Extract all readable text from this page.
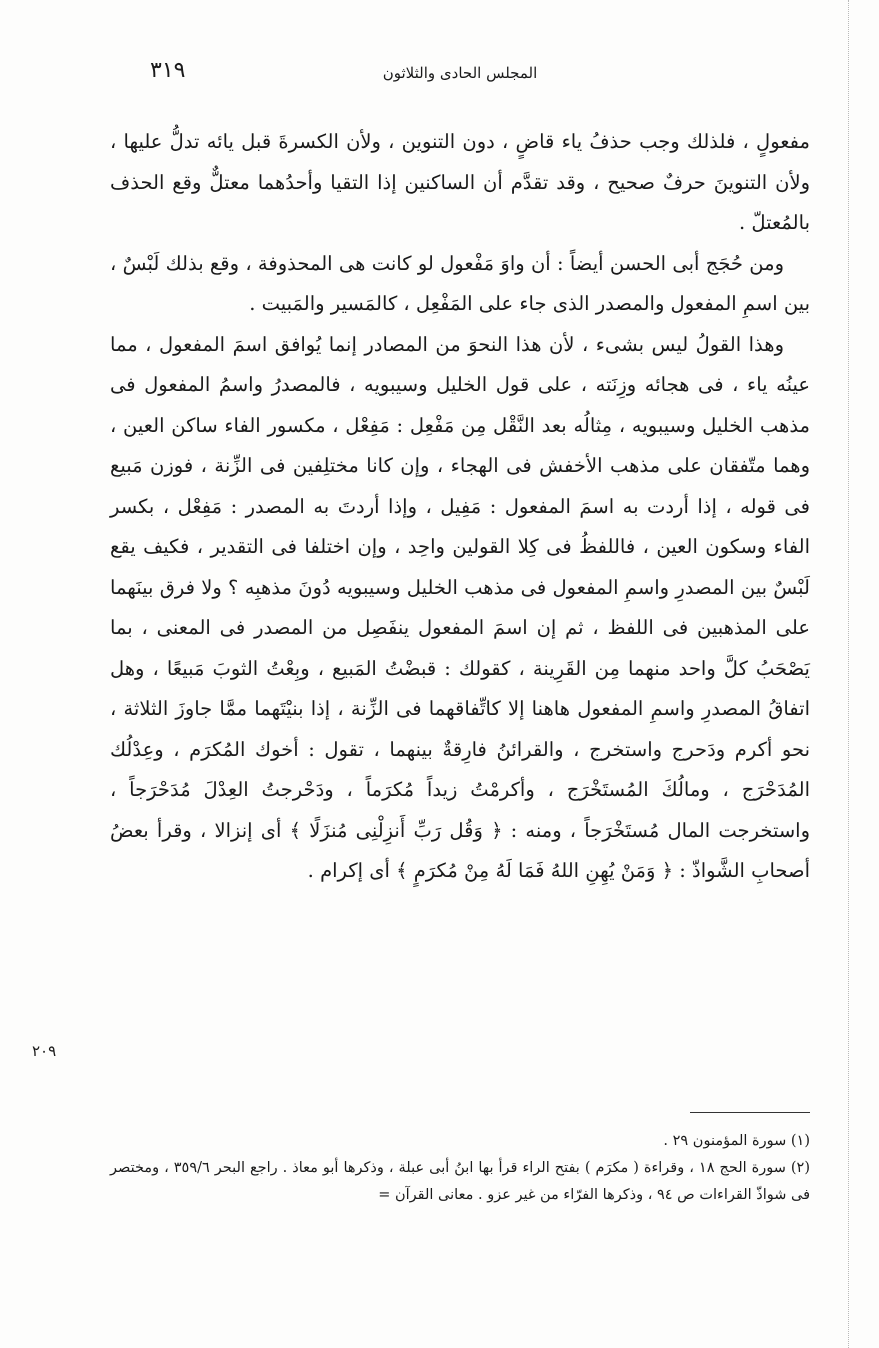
٣١٩	المجلس الحادى والثلاثون

مفعولٍ ، فلذلك وجب حذفُ ياء قاضٍ ، دون التنوين ، ولأن الكسرةَ قبل يائه تدلُّ عليها ، ولأن التنوينَ حرفٌ صحيح ، وقد تقدَّم أن الساكنين إذا التقيا وأحدُهما معتلٌّ وقع الحذف بالمُعتلّ .

ومن حُجَج أبى الحسن أيضاً : أن واوَ مَفْعول لو كانت هى المحذوفة ، وقع بذلك لَبْسٌ ، بين اسمِ المفعول والمصدر الذى جاء على المَفْعِل ، كالمَسير والمَبيت .

وهذا القولُ ليس بشىء ، لأن هذا النحوَ من المصادر إنما يُوافق اسمَ المفعول ، مما عينُه ياء ، فى هجائه وزِنَته ، على قول الخليل وسيبويه ، فالمصدرُ واسمُ المفعول فى مذهب الخليل وسيبويه ، مِثالُه بعد النَّقْل مِن مَفْعِل : مَفِعْل ، مكسور الفاء ساكن العين ، وهما متّفقان على مذهب الأخفش فى الهجاء ، وإن كانا مختلِفين فى الزِّنة ، فوزن مَبيع فى قوله ، إذا أردت به اسمَ المفعول : مَفِيل ، وإذا أردتَ به المصدر : مَفِعْل ، بكسر الفاء وسكون العين ، فاللفظُ فى كِلا القولين واحِد ، وإن اختلفا فى التقدير ، فكيف يقع لَبْسٌ بين المصدرِ واسمِ المفعول فى مذهب الخليل وسيبويه دُونَ مذهبِه ؟ ولا فرق بينَهما على المذهبين فى اللفظ ، ثم إن اسمَ المفعول ينفَصِل من المصدر فى المعنى ، بما يَصْحَبُ كلَّ واحد منهما مِن القَرِينة ، كقولك : قبضْتُ المَبيع ، وبِعْتُ الثوبَ مَبيعًا ، وهل اتفاقُ المصدرِ واسمِ المفعول هاهنا إلا كاتِّفاقهما فى الزِّنة ، إذا بنيْتَهما ممَّا جاوزَ الثلاثة ، نحو أكرم ودَحرج واستخرج ، والقرائنُ فارِقةٌ بينهما ، تقول : أخوك المُكرَم ، وعِدْلُك المُدَحْرَج ، ومالُكَ المُستَخْرَج ، وأكرمْتُ زيداً مُكرَماً ، ودَحْرجتُ العِدْلَ مُدَحْرَجاً ، واستخرجت المال مُستَخْرَجاً ، ومنه : ﴿ وَقُل رَبِّ أَنزِلْنِى مُنزَلًا ﴾ أى إنزالا ، وقرأ بعضُ أصحابِ الشَّواذّ : ﴿ وَمَنْ يُهِنِ اللهُ فَمَا لَهُ مِنْ مُكرَمٍ ﴾ أى إكرام .

٢٠٩

(١) سورة المؤمنون ٢٩ .

(٢) سورة الحج ١٨ ، وقراءة ( مكرَم ) بفتح الراء قرأ بها ابنُ أبى عبلة ، وذكرها أبو معاذ . راجع البحر ٣٥٩/٦ ، ومختصر فى شواذّ القراءات ص ٩٤ ، وذكرها الفرّاء من غير عزو . معانى القرآن =
